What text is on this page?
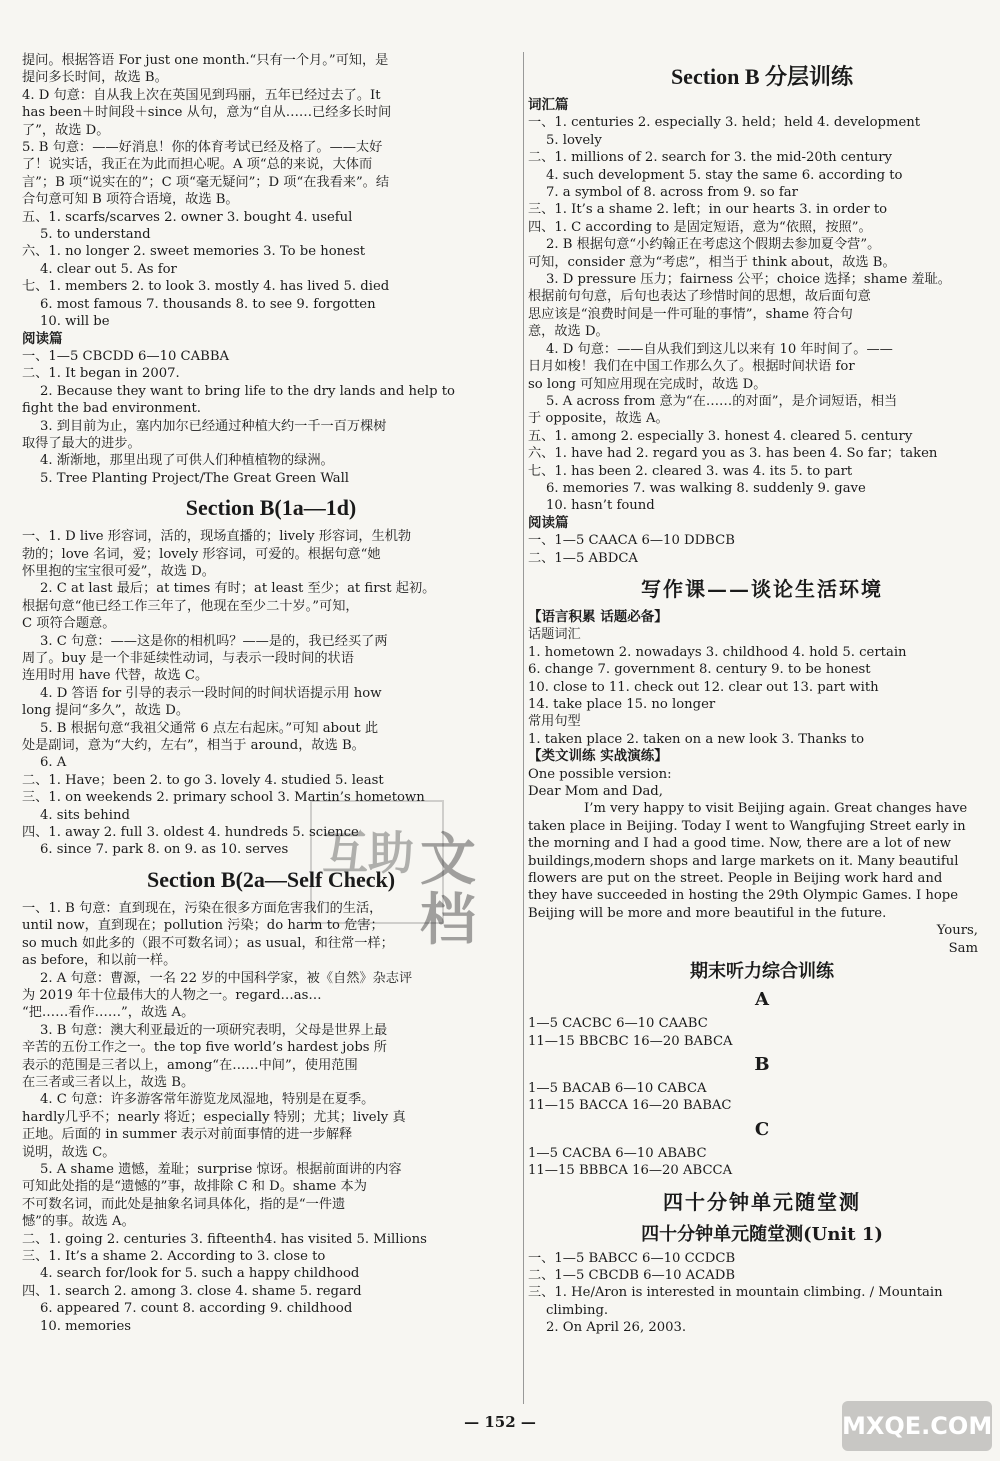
提问。根据答语 For just one month.“只有一个月。”可知，是
提问多长时间，故选 B。
4. D 句意：自从我上次在英国见到玛丽，五年已经过去了。It
has been＋时间段＋since 从句，意为“自从……已经多长时间
了”，故选 D。
5. B 句意：——好消息！你的体育考试已经及格了。——太好
了！说实话，我正在为此而担心呢。A 项“总的来说，大体而
言”；B 项“说实在的”；C 项“毫无疑问”；D 项“在我看来”。结
合句意可知 B 项符合语境，故选 B。
五、1. scarfs/scarves 2. owner 3. bought 4. useful
5. to understand
六、1. no longer 2. sweet memories 3. To be honest
4. clear out 5. As for
七、1. members 2. to look 3. mostly 4. has lived 5. died
6. most famous 7. thousands 8. to see 9. forgotten
10. will be
阅读篇
一、1—5 CBCDD 6—10 CABBA
二、1. It began in 2007.
2. Because they want to bring life to the dry lands and help to
fight the bad environment.
3. 到目前为止，塞内加尔已经通过种植大约一千一百万棵树
取得了最大的进步。
4. 渐渐地，那里出现了可供人们种植植物的绿洲。
5. Tree Planting Project/The Great Green Wall
Section B(1a—1d)
一、1. D live 形容词，活的，现场直播的；lively 形容词，生机勃
勃的；love 名词，爱；lovely 形容词，可爱的。根据句意“她
怀里抱的宝宝很可爱”，故选 D。
2. C at last 最后；at times 有时；at least 至少；at first 起初。
根据句意“他已经工作三年了，他现在至少二十岁。”可知，
C 项符合题意。
3. C 句意：——这是你的相机吗？——是的，我已经买了两
周了。buy 是一个非延续性动词，与表示一段时间的状语
连用时用 have 代替，故选 C。
4. D 答语 for 引导的表示一段时间的时间状语提示用 how
long 提问“多久”，故选 D。
5. B 根据句意“我祖父通常 6 点左右起床。”可知 about 此
处是副词，意为“大约，左右”，相当于 around，故选 B。
6. A
二、1. Have；been 2. to go 3. lovely 4. studied 5. least
三、1. on weekends 2. primary school 3. Martin’s hometown
4. sits behind
四、1. away 2. full 3. oldest 4. hundreds 5. science
6. since 7. park 8. on 9. as 10. serves
Section B(2a—Self Check)
一、1. B 句意：直到现在，污染在很多方面危害我们的生活，
until now，直到现在；pollution 污染；do harm to 危害；
so much 如此多的（跟不可数名词）；as usual，和往常一样；
as before，和以前一样。
2. A 句意：曹源，一名 22 岁的中国科学家，被《自然》杂志评
为 2019 年十位最伟大的人物之一。regard…as…
“把……看作……”，故选 A。
3. B 句意：澳大利亚最近的一项研究表明，父母是世界上最
辛苦的五份工作之一。the top five world’s hardest jobs 所
表示的范围是三者以上，among“在……中间”，使用范围
在三者或三者以上，故选 B。
4. C 句意：许多游客常年游览龙凤湿地，特别是在夏季。
hardly几乎不；nearly 将近；especially 特别；尤其；lively 真
正地。后面的 in summer 表示对前面事情的进一步解释
说明，故选 C。
5. A shame 遗憾，羞耻；surprise 惊讶。根据前面讲的内容
可知此处指的是“遗憾的”事，故排除 C 和 D。shame 本为
不可数名词，而此处是抽象名词具体化，指的是“一件遗
憾”的事。故选 A。
二、1. going 2. centuries 3. fifteenth4. has visited 5. Millions
三、1. It’s a shame 2. According to 3. close to
4. search for/look for 5. such a happy childhood
四、1. search 2. among 3. close 4. shame 5. regard
6. appeared 7. count 8. according 9. childhood
10. memories
Section B 分层训练
词汇篇
一、1. centuries 2. especially 3. held；held 4. development
5. lovely
二、1. millions of 2. search for 3. the mid-20th century
4. such development 5. stay the same 6. according to
7. a symbol of 8. across from 9. so far
三、1. It’s a shame 2. left；in our hearts 3. in order to
四、1. C according to 是固定短语，意为“依照，按照”。
2. B 根据句意“小约翰正在考虑这个假期去参加夏令营”。
可知，consider 意为“考虑”，相当于 think about，故选 B。
3. D pressure 压力；fairness 公平；choice 选择；shame 羞耻。
根据前句句意，后句也表达了珍惜时间的思想，故后面句意
思应该是“浪费时间是一件可耻的事情”，shame 符合句
意，故选 D。
4. D 句意：——自从我们到这儿以来有 10 年时间了。——
日月如梭！我们在中国工作那么久了。根据时间状语 for
so long 可知应用现在完成时，故选 D。
5. A across from 意为“在……的对面”，是介词短语，相当
于 opposite，故选 A。
五、1. among 2. especially 3. honest 4. cleared 5. century
六、1. have had 2. regard you as 3. has been 4. So far；taken
七、1. has been 2. cleared 3. was 4. its 5. to part
6. memories 7. was walking 8. suddenly 9. gave
10. hasn’t found
阅读篇
一、1—5 CAACA 6—10 DDBCB
二、1—5 ABDCA
写作课——谈论生活环境
【语言积累 话题必备】
话题词汇
1. hometown 2. nowadays 3. childhood 4. hold 5. certain
6. change 7. government 8. century 9. to be honest
10. close to 11. check out 12. clear out 13. part with
14. take place 15. no longer
常用句型
1. taken place 2. taken on a new look 3. Thanks to
【类文训练 实战演练】
One possible version:
Dear Mom and Dad,
I’m very happy to visit Beijing again. Great changes have
taken place in Beijing. Today I went to Wangfujing Street early in
the morning and I had a good time. Now, there are a lot of new
buildings,modern shops and large markets on it. Many beautiful
flowers are put on the street. People in Beijing work hard and
they have succeeded in hosting the 29th Olympic Games. I hope
Beijing will be more and more beautiful in the future.
Yours,
Sam
期末听力综合训练
A
1—5 CACBC 6—10 CAABC
11—15 BBCBC 16—20 BABCA
B
1—5 BACAB 6—10 CABCA
11—15 BACCA 16—20 BABAC
C
1—5 CACBA 6—10 ABABC
11—15 BBBCA 16—20 ABCCA
四十分钟单元随堂测
四十分钟单元随堂测(Unit 1)
一、1—5 BABCC 6—10 CCDCB
二、1—5 CBCDB 6—10 ACADB
三、1. He/Aron is interested in mountain climbing. / Mountain
climbing.
2. On April 26, 2003.
互助 文档
— 152 —	MXQE.COM
